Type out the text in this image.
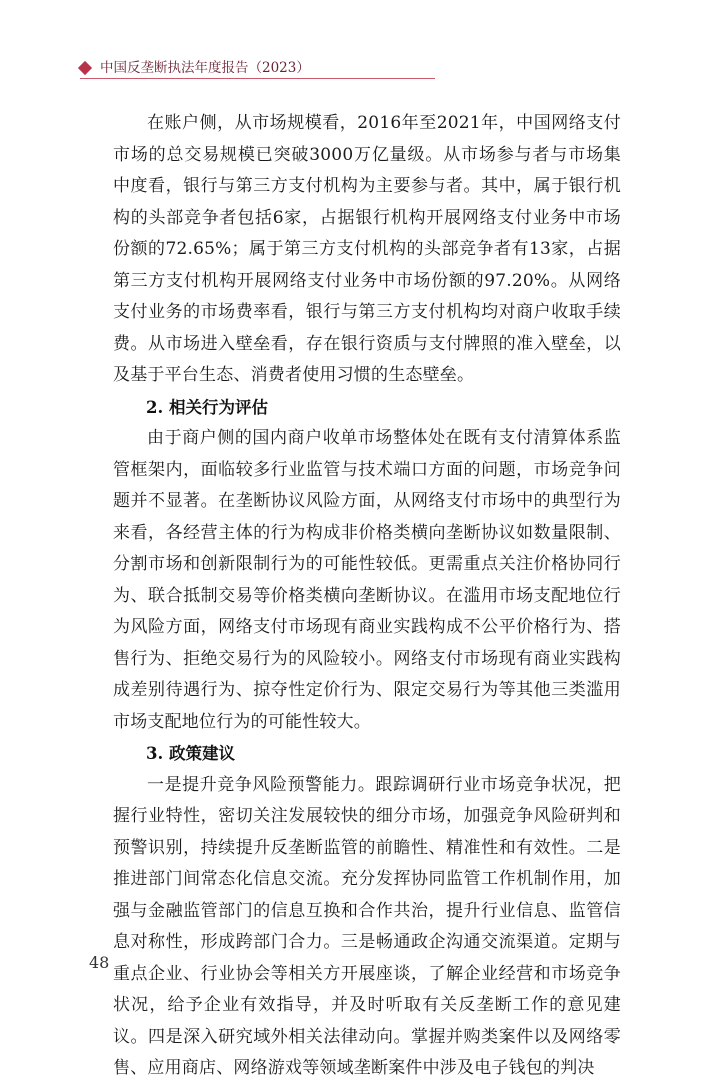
中国反垄断执法年度报告（2023）

在账户侧，从市场规模看，2016年至2021年，中国网络支付市场的总交易规模已突破3000万亿量级。从市场参与者与市场集中度看，银行与第三方支付机构为主要参与者。其中，属于银行机构的头部竞争者包括6家，占据银行机构开展网络支付业务中市场份额的72.65%；属于第三方支付机构的头部竞争者有13家，占据第三方支付机构开展网络支付业务中市场份额的97.20%。从网络支付业务的市场费率看，银行与第三方支付机构均对商户收取手续费。从市场进入壁垒看，存在银行资质与支付牌照的准入壁垒，以及基于平台生态、消费者使用习惯的生态壁垒。

2. 相关行为评估

由于商户侧的国内商户收单市场整体处在既有支付清算体系监管框架内，面临较多行业监管与技术端口方面的问题，市场竞争问题并不显著。在垄断协议风险方面，从网络支付市场中的典型行为来看，各经营主体的行为构成非价格类横向垄断协议如数量限制、分割市场和创新限制行为的可能性较低。更需重点关注价格协同行为、联合抵制交易等价格类横向垄断协议。在滥用市场支配地位行为风险方面，网络支付市场现有商业实践构成不公平价格行为、搭售行为、拒绝交易行为的风险较小。网络支付市场现有商业实践构成差别待遇行为、掠夺性定价行为、限定交易行为等其他三类滥用市场支配地位行为的可能性较大。

3. 政策建议

一是提升竞争风险预警能力。跟踪调研行业市场竞争状况，把握行业特性，密切关注发展较快的细分市场，加强竞争风险研判和预警识别，持续提升反垄断监管的前瞻性、精准性和有效性。二是推进部门间常态化信息交流。充分发挥协同监管工作机制作用，加强与金融监管部门的信息互换和合作共治，提升行业信息、监管信息对称性，形成跨部门合力。三是畅通政企沟通交流渠道。定期与重点企业、行业协会等相关方开展座谈，了解企业经营和市场竞争状况，给予企业有效指导，并及时听取有关反垄断工作的意见建议。四是深入研究域外相关法律动向。掌握并购类案件以及网络零售、应用商店、网络游戏等领域垄断案件中涉及电子钱包的判决

48
